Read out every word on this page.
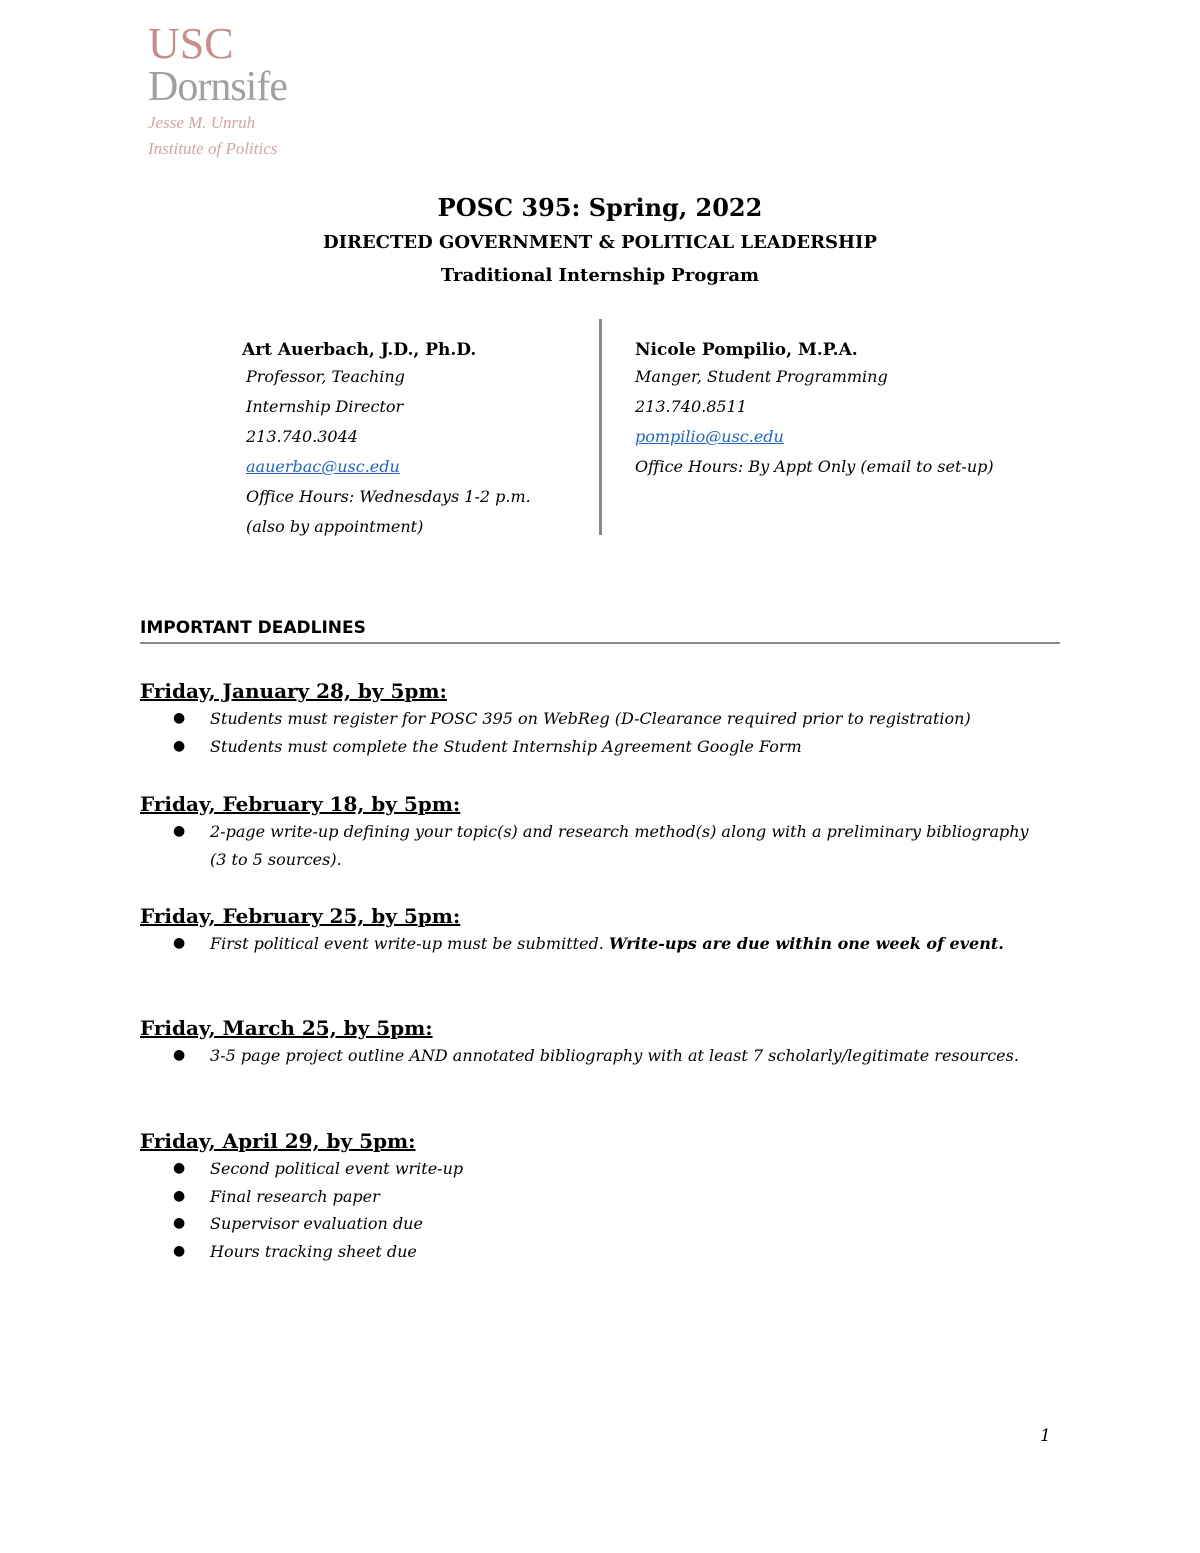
USC
Dornsife
Jesse M. Unruh
Institute of Politics
POSC 395: Spring, 2022
DIRECTED GOVERNMENT & POLITICAL LEADERSHIP
Traditional Internship Program
Art Auerbach, J.D., Ph.D.
Professor, Teaching
Internship Director
213.740.3044
aauerbac@usc.edu
Office Hours: Wednesdays 1-2 p.m.
(also by appointment)
Nicole Pompilio, M.P.A.
Manger, Student Programming
213.740.8511
pompilio@usc.edu
Office Hours: By Appt Only (email to set-up)
IMPORTANT DEADLINES
Friday, January 28, by 5pm:
● Students must register for POSC 395 on WebReg (D-Clearance required prior to registration)
● Students must complete the Student Internship Agreement Google Form
Friday, February 18, by 5pm:
● 2-page write-up defining your topic(s) and research method(s) along with a preliminary bibliography (3 to 5 sources).
Friday, February 25, by 5pm:
● First political event write-up must be submitted. Write-ups are due within one week of event.
Friday, March 25, by 5pm:
● 3-5 page project outline AND annotated bibliography with at least 7 scholarly/legitimate resources.
Friday, April 29, by 5pm:
● Second political event write-up
● Final research paper
● Supervisor evaluation due
● Hours tracking sheet due
1
